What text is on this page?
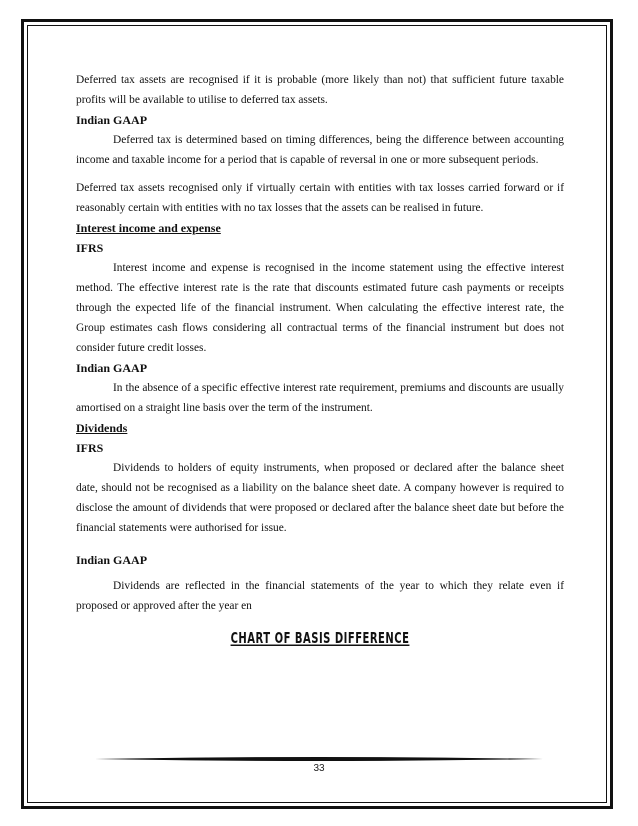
Deferred tax assets are recognised if it is probable (more likely than not) that sufficient future taxable profits will be available to utilise to deferred tax assets.

Indian GAAP

Deferred tax is determined based on timing differences, being the difference between accounting income and taxable income for a period that is capable of reversal in one or more subsequent periods.

Deferred tax assets recognised only if virtually certain with entities with tax losses carried forward or if reasonably certain with entities with no tax losses that the assets can be realised in future.

Interest income and expense

IFRS

Interest income and expense is recognised in the income statement using the effective interest method. The effective interest rate is the rate that discounts estimated future cash payments or receipts through the expected life of the financial instrument. When calculating the effective interest rate, the Group estimates cash flows considering all contractual terms of the financial instrument but does not consider future credit losses.

Indian GAAP

In the absence of a specific effective interest rate requirement, premiums and discounts are usually amortised on a straight line basis over the term of the instrument.

Dividends

IFRS

Dividends to holders of equity instruments, when proposed or declared after the balance sheet date, should not be recognised as a liability on the balance sheet date. A company however is required to disclose the amount of dividends that were proposed or declared after the balance sheet date but before the financial statements were authorised for issue.

Indian GAAP

Dividends are reflected in the financial statements of the year to which they relate even if proposed or approved after the year en

CHART OF BASIS DIFFERENCE

33
